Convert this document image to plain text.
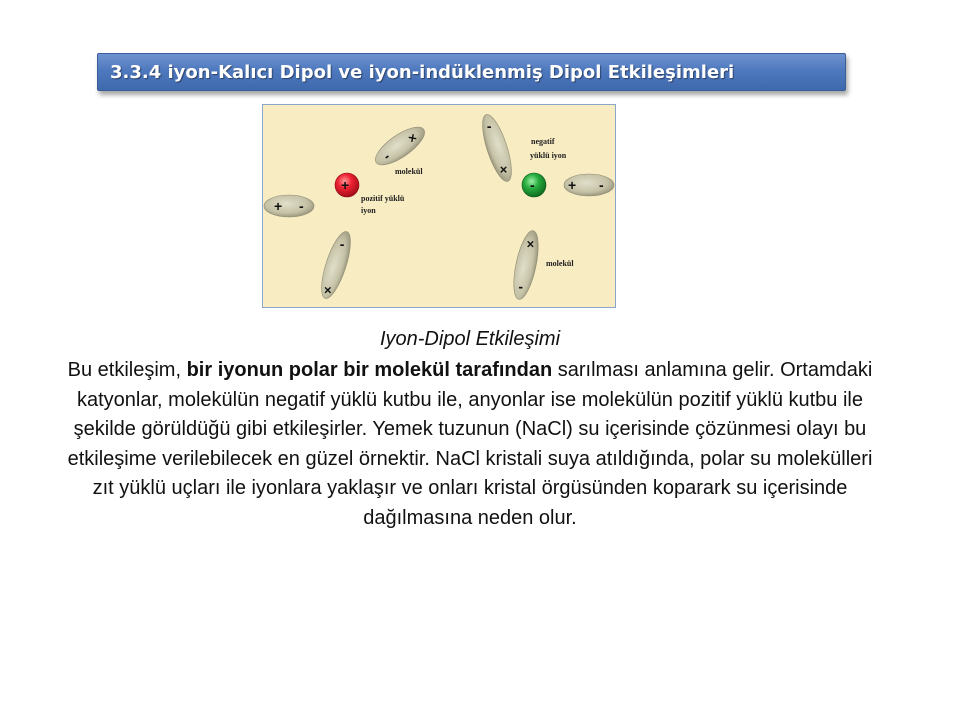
3.3.4 iyon-Kalıcı Dipol ve iyon-indüklenmiş Dipol Etkileşimleri
+ -
-
×
×
-
+
-
×
+ -
×
-
-
molekül
pozitif yüklü
iyon
negatif
yüklü iyon
molekül
Iyon-Dipol Etkileşimi
Bu etkileşim, bir iyonun polar bir molekül tarafından sarılması anlamına gelir. Ortamdaki katyonlar, molekülün negatif yüklü kutbu ile, anyonlar ise molekülün pozitif yüklü kutbu ile şekilde görüldüğü gibi etkileşirler. Yemek tuzunun (NaCl) su içerisinde çözünmesi olayı bu etkileşime verilebilecek en güzel örnektir. NaCl kristali suya atıldığında, polar su molekülleri zıt yüklü uçları ile iyonlara yaklaşır ve onları kristal örgüsünden koparark su içerisinde dağılmasına neden olur.
